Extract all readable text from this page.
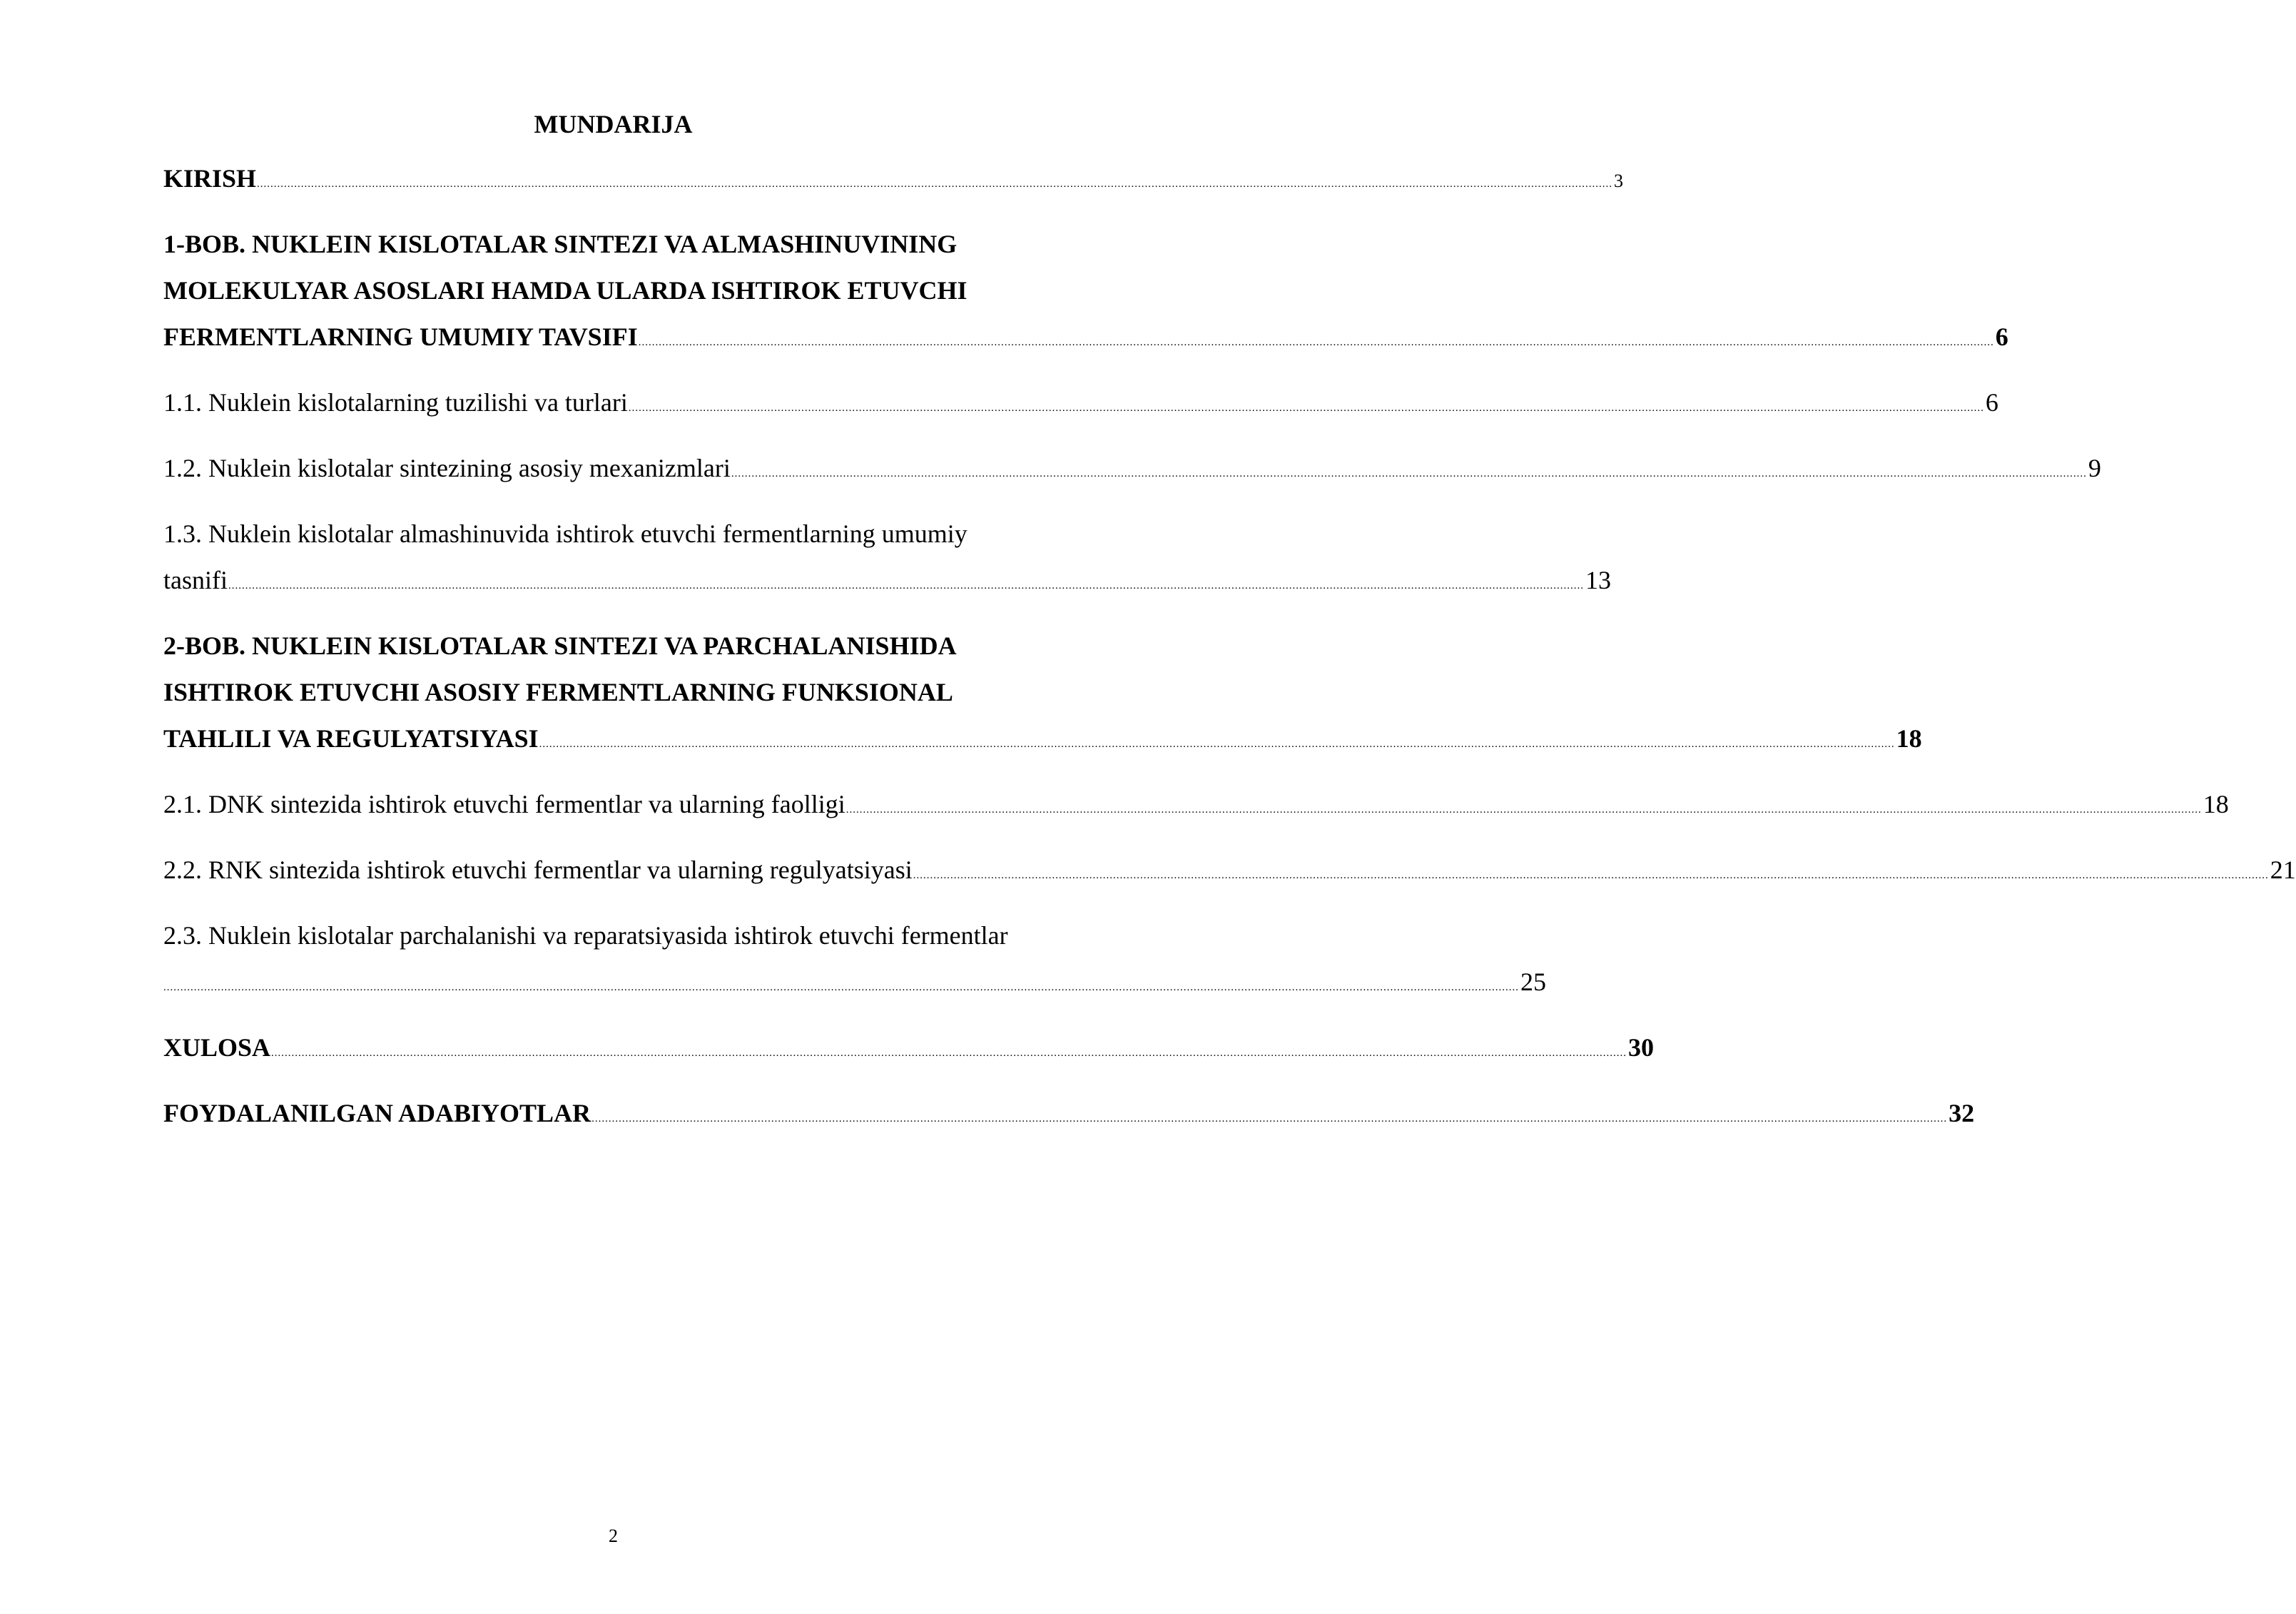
MUNDARIJA
KIRISH ................................................................................................................................................................................................................................................................................................................................................................................................................ 3
1-BOB. NUKLEIN KISLOTALAR SINTEZI VA ALMASHINUVINING
MOLEKULYAR ASOSLARI HAMDA ULARDA ISHTIROK ETUVCHI
FERMENTLARNING UMUMIY TAVSIFI ................................................................................................................................................................................................................................................................................................................................................................................................................ 6
1.1. Nuklein kislotalarning tuzilishi va turlari ................................................................................................................................................................................................................................................................................................................................................................................................................ 6
1.2. Nuklein kislotalar sintezining asosiy mexanizmlari ................................................................................................................................................................................................................................................................................................................................................................................................................ 9
1.3. Nuklein kislotalar almashinuvida ishtirok etuvchi fermentlarning umumiy
tasnifi ................................................................................................................................................................................................................................................................................................................................................................................................................ 13
2-BOB. NUKLEIN KISLOTALAR SINTEZI VA PARCHALANISHIDA
ISHTIROK ETUVCHI ASOSIY FERMENTLARNING FUNKSIONAL
TAHLILI VA REGULYATSIYASI ................................................................................................................................................................................................................................................................................................................................................................................................................ 18
2.1. DNK sintezida ishtirok etuvchi fermentlar va ularning faolligi ................................................................................................................................................................................................................................................................................................................................................................................................................ 18
2.2. RNK sintezida ishtirok etuvchi fermentlar va ularning regulyatsiyasi ................................................................................................................................................................................................................................................................................................................................................................................................................ 21
2.3. Nuklein kislotalar parchalanishi va reparatsiyasida ishtirok etuvchi fermentlar
................................................................................................................................................................................................................................................................................................................................................................................................................ 25
XULOSA ................................................................................................................................................................................................................................................................................................................................................................................................................ 30
FOYDALANILGAN ADABIYOTLAR ................................................................................................................................................................................................................................................................................................................................................................................................................ 32
2
